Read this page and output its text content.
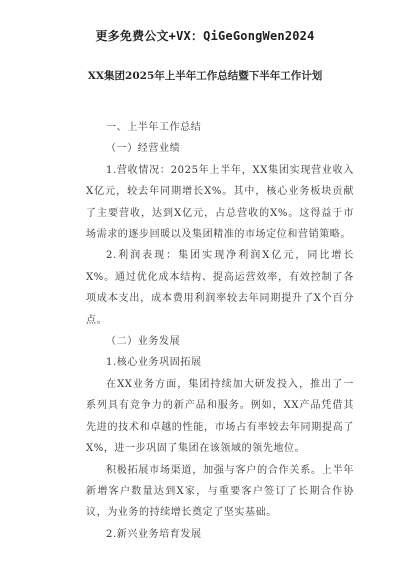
更多免费公文+VX：QiGeGongWen2024
XX集团2025年上半年工作总结暨下半年工作计划

一、上半年工作总结

（一）经营业绩

1.营收情况：2025年上半年，XX集团实现营业收入X亿元，较去年同期增长X%。其中，核心业务板块贡献了主要营收，达到X亿元，占总营收的X%。这得益于市场需求的逐步回暖以及集团精准的市场定位和营销策略。

2.利润表现：集团实现净利润X亿元，同比增长X%。通过优化成本结构、提高运营效率，有效控制了各项成本支出，成本费用利润率较去年同期提升了X个百分点。

（二）业务发展

1.核心业务巩固拓展

在XX业务方面，集团持续加大研发投入，推出了一系列具有竞争力的新产品和服务。例如，XX产品凭借其先进的技术和卓越的性能，市场占有率较去年同期提高了X%，进一步巩固了集团在该领域的领先地位。

积极拓展市场渠道，加强与客户的合作关系。上半年新增客户数量达到X家，与重要客户签订了长期合作协议，为业务的持续增长奠定了坚实基础。

2.新兴业务培育发展
